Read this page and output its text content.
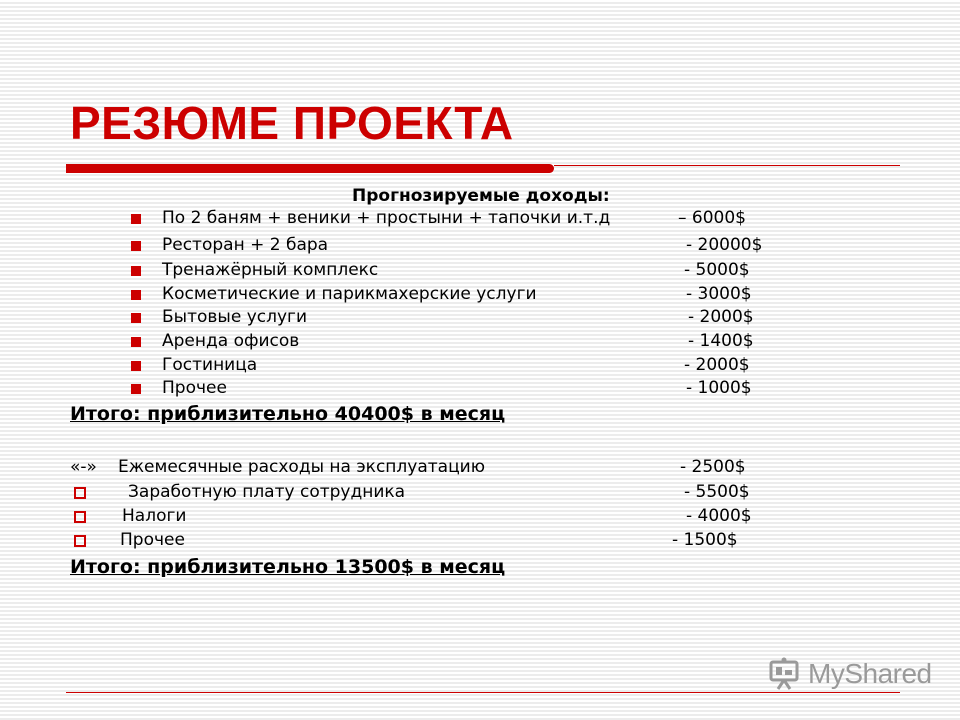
РЕЗЮМЕ ПРОЕКТА
Прогнозируемые доходы:
По 2 баням + веники + простыни + тапочки и.т.д	– 6000$
Ресторан + 2 бара	- 20000$
Тренажёрный комплекс	- 5000$
Косметические и парикмахерские услуги	- 3000$
Бытовые услуги	- 2000$
Аренда офисов	- 1400$
Гостиница	- 2000$
Прочее	- 1000$
Итого: приблизительно 40400$ в месяц
«-» Ежемесячные расходы на эксплуатацию	- 2500$
Заработную плату сотрудника	- 5500$
Налоги	- 4000$
Прочее	- 1500$
Итого: приблизительно 13500$ в месяц
MyShared
